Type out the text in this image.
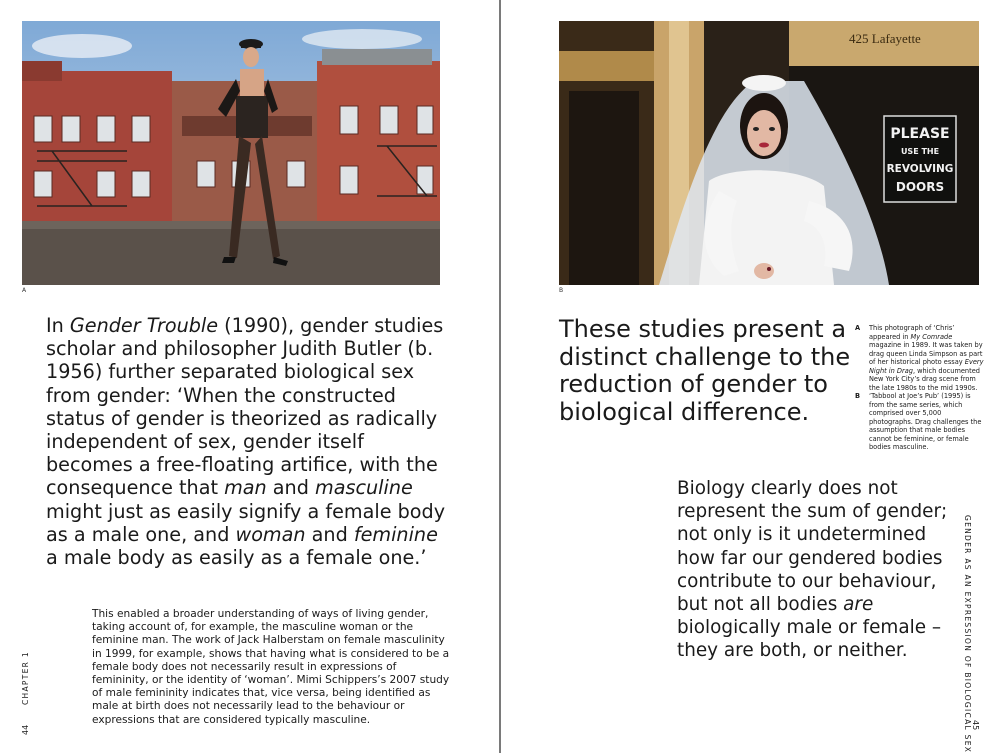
A

In Gender Trouble (1990), gender studies scholar and philosopher Judith Butler (b. 1956) further separated biological sex from gender: ‘When the constructed status of gender is theorized as radically independent of sex, gender itself becomes a free-floating artifice, with the consequence that man and masculine might just as easily signify a female body as a male one, and woman and feminine a male body as easily as a female one.’

This enabled a broader understanding of ways of living gender, taking account of, for example, the masculine woman or the feminine man. The work of Jack Halberstam on female masculinity in 1999, for example, shows that having what is considered to be a female body does not necessarily result in expressions of femininity, or the identity of ‘woman’. Mimi Schippers’s 2007 study of male femininity indicates that, vice versa, being identified as male at birth does not necessarily lead to the behaviour or expressions that are considered typically masculine.

CHAPTER 1
44
425 Lafayette
PLEASE
USE THE
REVOLVING
DOORS
B

These studies present a distinct challenge to the reduction of gender to biological difference.

A	This photograph of ‘Chris’ appeared in My Comrade magazine in 1989. It was taken by drag queen Linda Simpson as part of her historical photo essay Every Night in Drag, which documented New York City’s drag scene from the late 1980s to the mid 1990s.
B	‘Tabbool at Joe’s Pub’ (1995) is from the same series, which comprised over 5,000 photographs. Drag challenges the assumption that male bodies cannot be feminine, or female bodies masculine.

Biology clearly does not represent the sum of gender; not only is it undetermined how far our gendered bodies contribute to our behaviour, but not all bodies are biologically male or female – they are both, or neither.	GENDER AS AN EXPRESSION OF BIOLOGICAL SEX 45
